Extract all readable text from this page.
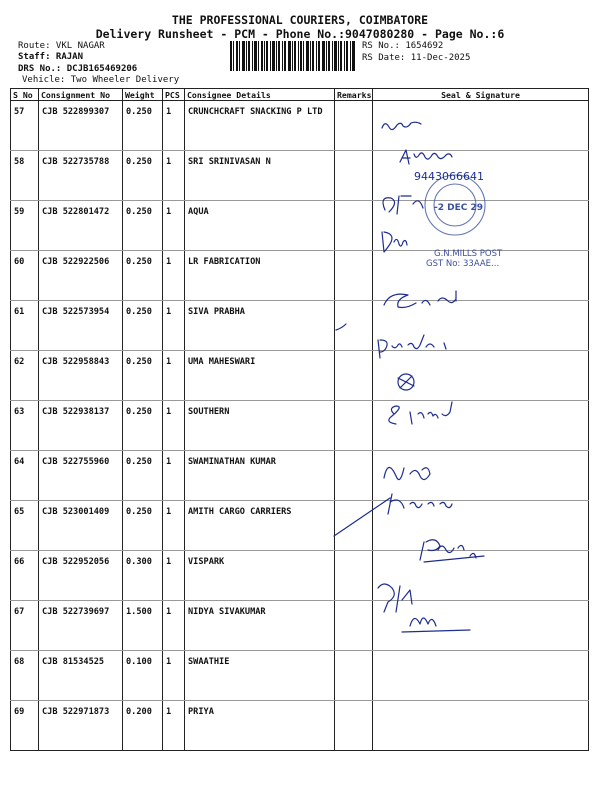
THE PROFESSIONAL COURIERS, COIMBATORE
Delivery Runsheet - PCM - Phone No.:9047080280 - Page No.:6
Route: VKL NAGAR
Staff: RAJAN
DRS No.: DCJB165469206
Vehicle: Two Wheeler Delivery
RS No.: 1654692
RS Date: 11-Dec-2025
S No	Consignment No	Weight	PCS	Consignee Details	Remarks	Seal & Signature
57	CJB 522899307	0.250	1	CRUNCHCRAFT SNACKING P LTD		
58	CJB 522735788	0.250	1	SRI SRINIVASAN N		
59	CJB 522801472	0.250	1	AQUA		
60	CJB 522922506	0.250	1	LR FABRICATION		
61	CJB 522573954	0.250	1	SIVA PRABHA		
62	CJB 522958843	0.250	1	UMA MAHESWARI		
63	CJB 522938137	0.250	1	SOUTHERN		
64	CJB 522755960	0.250	1	SWAMINATHAN KUMAR		
65	CJB 523001409	0.250	1	AMITH CARGO CARRIERS		
66	CJB 522952056	0.300	1	VISPARK		
67	CJB 522739697	1.500	1	NIDYA SIVAKUMAR		
68	CJB 81534525	0.100	1	SWAATHIE		
69	CJB 522971873	0.200	1	PRIYA		
-2 DEC 29
G.N.MILLS POST
GST No: 33AAE...
9443066641
